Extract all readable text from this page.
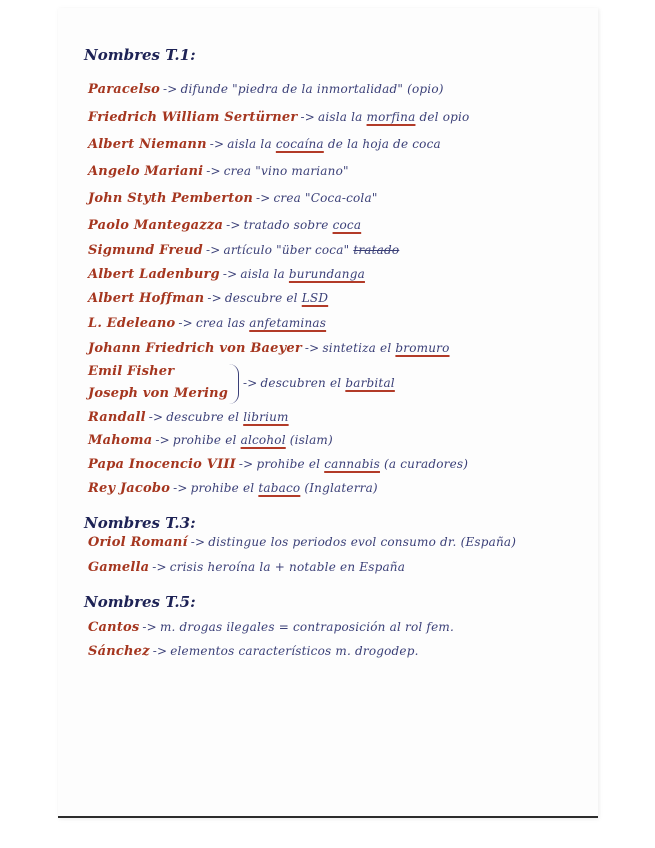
Nombres T.1:
Paracelso -> difunde "piedra de la inmortalidad" (opio)
Friedrich William Sertürner -> aisla la morfina del opio
Albert Niemann -> aisla la cocaína de la hoja de coca
Angelo Mariani -> crea "vino mariano"
John Styth Pemberton -> crea "Coca-cola"
Paolo Mantegazza -> tratado sobre coca
Sigmund Freud -> artículo "über coca" tratado
Albert Ladenburg -> aisla la burundanga
Albert Hoffman -> descubre el LSD
L. Edeleano -> crea las anfetaminas
Johann Friedrich von Baeyer -> sintetiza el bromuro
Emil Fisher
Joseph von Mering
-> descubren el barbital
Randall -> descubre el librium
Mahoma -> prohibe el alcohol (islam)
Papa Inocencio VIII -> prohibe el cannabis (a curadores)
Rey Jacobo -> prohibe el tabaco (Inglaterra)
Nombres T.3:
Oriol Romaní -> distingue los periodos evol consumo dr. (España)
Gamella -> crisis heroína la + notable en España
Nombres T.5:
Cantos -> m. drogas ilegales = contraposición al rol fem.
Sánchez -> elementos característicos m. drogodep.
